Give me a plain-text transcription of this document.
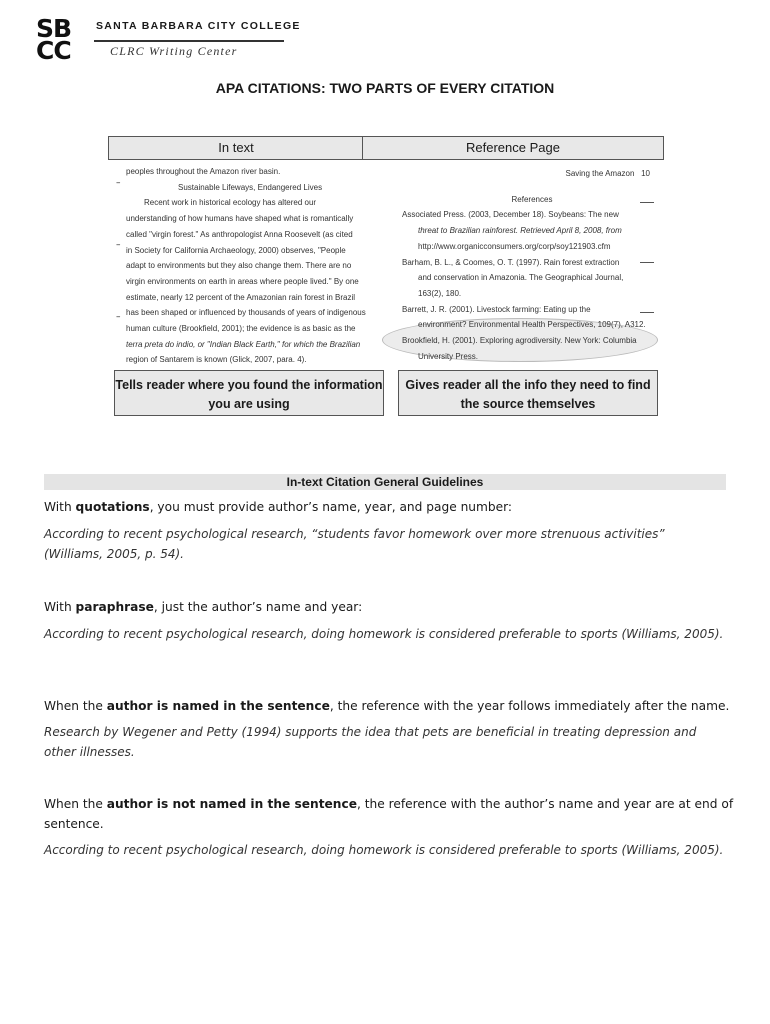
SB
CC
SANTA BARBARA CITY COLLEGE
CLRC Writing Center
APA CITATIONS: TWO PARTS OF EVERY CITATION
In text	Reference Page
peoples throughout the Amazon river basin.
Sustainable Lifeways, Endangered Lives
Recent work in historical ecology has altered our
understanding of how humans have shaped what is romantically
called "virgin forest." As anthropologist Anna Roosevelt (as cited
in Society for California Archaeology, 2000) observes, "People
adapt to environments but they also change them. There are no
virgin environments on earth in areas where people lived." By one
estimate, nearly 12 percent of the Amazonian rain forest in Brazil
has been shaped or influenced by thousands of years of indigenous
human culture (Brookfield, 2001); the evidence is as basic as the
terra preta do indio, or "Indian Black Earth," for which the Brazilian
region of Santarem is known (Glick, 2007, para. 4).
–
–
–
Saving the Amazon 10
References
Associated Press. (2003, December 18). Soybeans: The new
threat to Brazilian rainforest. Retrieved April 8, 2008, from
http://www.organicconsumers.org/corp/soy121903.cfm
Barham, B. L., & Coomes, O. T. (1997). Rain forest extraction
and conservation in Amazonia. The Geographical Journal,
163(2), 180.
Barrett, J. R. (2001). Livestock farming: Eating up the
environment? Environmental Health Perspectives, 109(7), A312.
Brookfield, H. (2001). Exploring agrodiversity. New York: Columbia
University Press.
Tells reader where you found the information you are using
Gives reader all the info they need to find the source themselves
In-text Citation General Guidelines
With quotations, you must provide author’s name, year, and page number:
According to recent psychological research, “students favor homework over more strenuous activities” (Williams, 2005, p. 54).
With paraphrase, just the author’s name and year:
According to recent psychological research, doing homework is considered preferable to sports (Williams, 2005).
When the author is named in the sentence, the reference with the year follows immediately after the name.
Research by Wegener and Petty (1994) supports the idea that pets are beneficial in treating depression and other illnesses.
When the author is not named in the sentence, the reference with the author’s name and year are at end of sentence.
According to recent psychological research, doing homework is considered preferable to sports (Williams, 2005).
